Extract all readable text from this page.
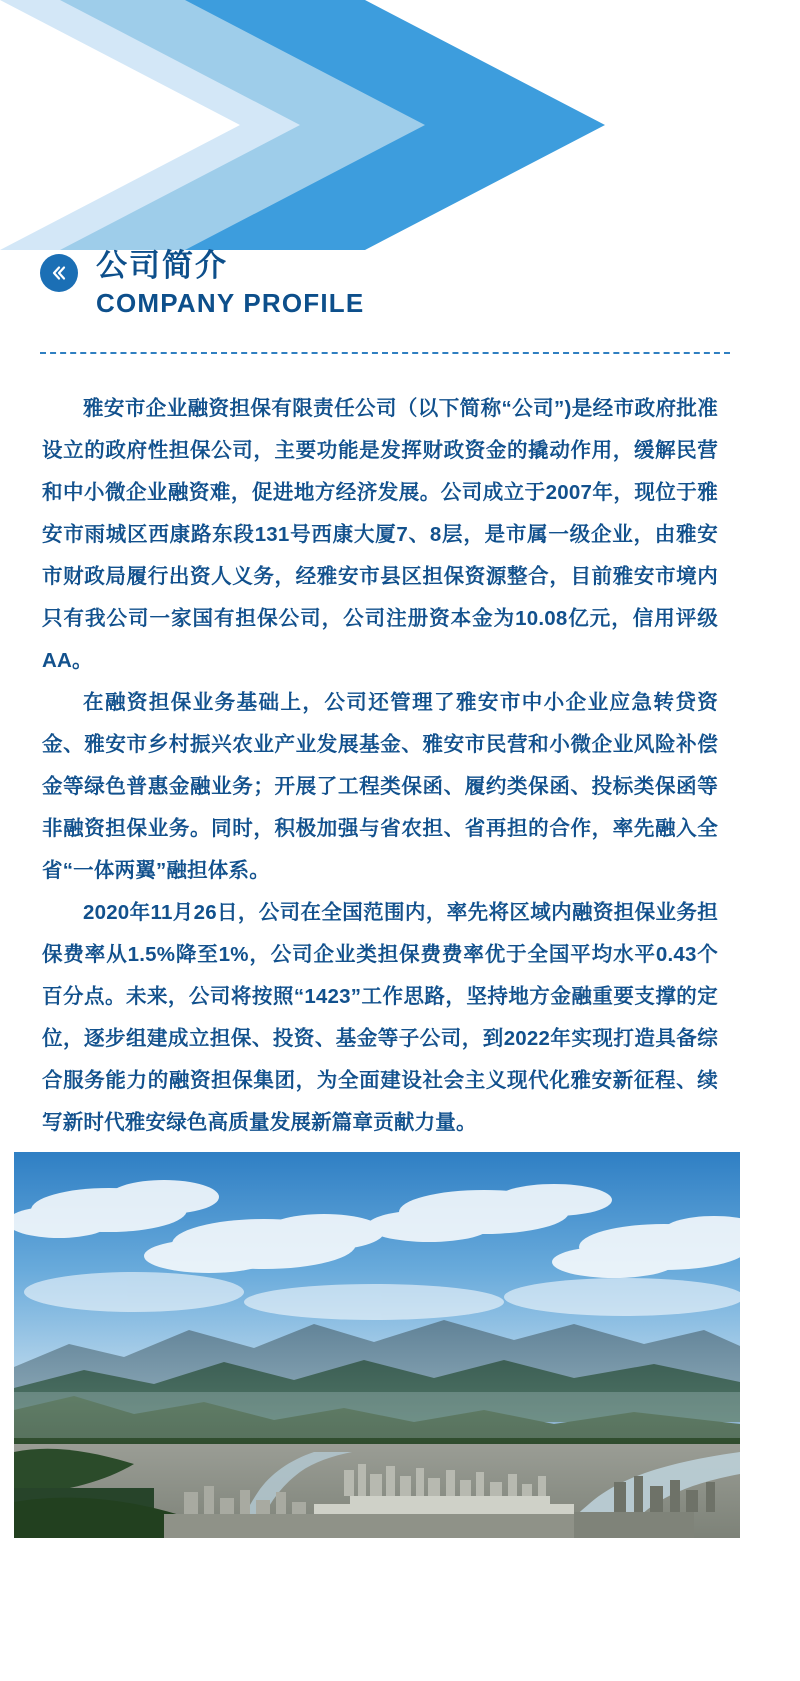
公司简介
COMPANY PROFILE

雅安市企业融资担保有限责任公司（以下简称“公司”)是经市政府批准设立的政府性担保公司，主要功能是发挥财政资金的撬动作用，缓解民营和中小微企业融资难，促进地方经济发展。公司成立于2007年，现位于雅安市雨城区西康路东段131号西康大厦7、8层，是市属一级企业，由雅安市财政局履行出资人义务，经雅安市县区担保资源整合，目前雅安市境内只有我公司一家国有担保公司，公司注册资本金为10.08亿元，信用评级AA。

在融资担保业务基础上，公司还管理了雅安市中小企业应急转贷资金、雅安市乡村振兴农业产业发展基金、雅安市民营和小微企业风险补偿金等绿色普惠金融业务；开展了工程类保函、履约类保函、投标类保函等非融资担保业务。同时，积极加强与省农担、省再担的合作，率先融入全省“一体两翼”融担体系。

2020年11月26日，公司在全国范围内，率先将区域内融资担保业务担保费率从1.5%降至1%，公司企业类担保费费率优于全国平均水平0.43个百分点。未来，公司将按照“1423”工作思路，坚持地方金融重要支撑的定位，逐步组建成立担保、投资、基金等子公司，到2022年实现打造具备综合服务能力的融资担保集团，为全面建设社会主义现代化雅安新征程、续写新时代雅安绿色高质量发展新篇章贡献力量。
